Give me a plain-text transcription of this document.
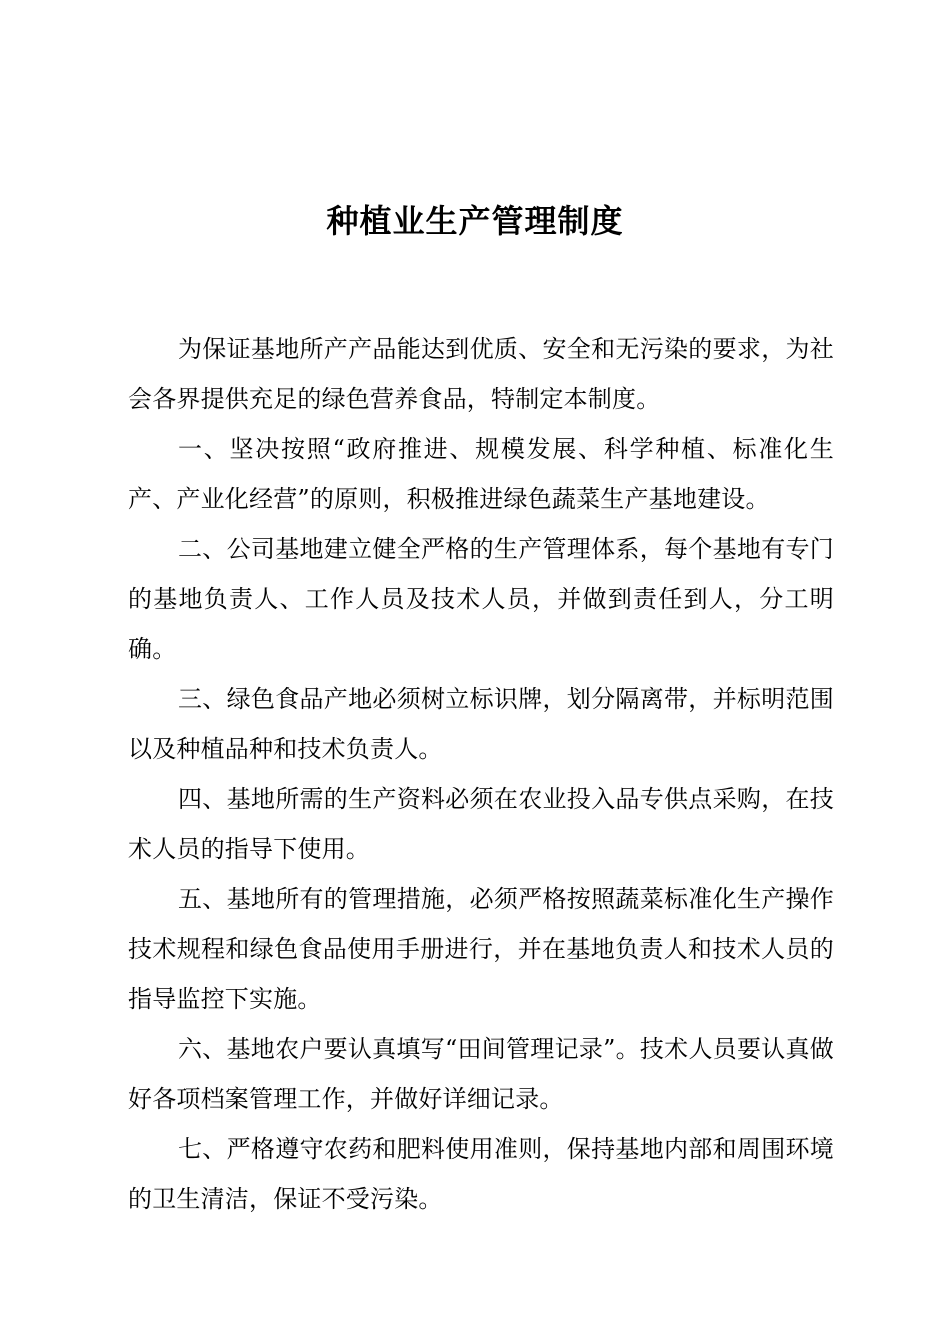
种植业生产管理制度

为保证基地所产产品能达到优质、安全和无污染的要求，为社会各界提供充足的绿色营养食品，特制定本制度。

一、坚决按照“政府推进、规模发展、科学种植、标准化生产、产业化经营”的原则，积极推进绿色蔬菜生产基地建设。

二、公司基地建立健全严格的生产管理体系，每个基地有专门的基地负责人、工作人员及技术人员，并做到责任到人，分工明确。

三、绿色食品产地必须树立标识牌，划分隔离带，并标明范围以及种植品种和技术负责人。

四、基地所需的生产资料必须在农业投入品专供点采购，在技术人员的指导下使用。

五、基地所有的管理措施，必须严格按照蔬菜标准化生产操作技术规程和绿色食品使用手册进行，并在基地负责人和技术人员的指导监控下实施。

六、基地农户要认真填写“田间管理记录”。技术人员要认真做好各项档案管理工作，并做好详细记录。

七、严格遵守农药和肥料使用准则，保持基地内部和周围环境的卫生清洁，保证不受污染。
